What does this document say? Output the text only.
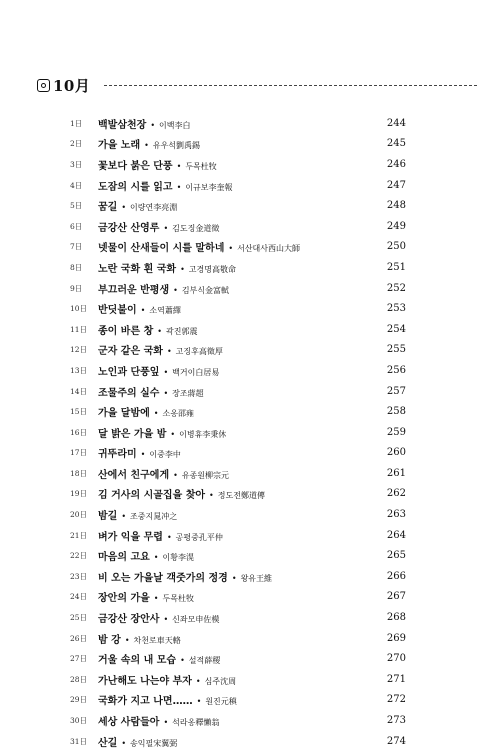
10月
1日	백발삼천장 • 이백李白	244
2日	가을 노래 • 유우석劉禹錫	245
3日	꽃보다 붉은 단풍 • 두목杜牧	246
4日	도잠의 시를 읽고 • 이규보李奎報	247
5日	꿈길 • 이량연李亮淵	248
6日	금강산 산영루 • 김도징金道徵	249
7日	넷물이 산새들이 시를 말하네 • 서산대사西山大師	250
8日	노란 국화 흰 국화 • 고경명高敬命	251
9日	부끄러운 반평생 • 김부식金富軾	252
10日	반딧불이 • 소역蕭繹	253
11日	종이 바른 창 • 곽진郭震	254
12日	군자 같은 국화 • 고징후高徵厚	255
13日	노인과 단풍잎 • 백거이白居易	256
14日	조물주의 실수 • 장조蔣超	257
15日	가을 달밤에 • 소옹邵雍	258
16日	달 밝은 가을 밤 • 이병휴李秉休	259
17日	귀뚜라미 • 이중李中	260
18日	산에서 친구에게 • 유종원柳宗元	261
19日	김 거사의 시골집을 찾아 • 정도전鄭道傳	262
20日	밤길 • 조중지晁冲之	263
21日	벼가 익을 무렵 • 공평중孔平仲	264
22日	마음의 고요 • 이황李滉	265
23日	비 오는 가을날 객줏가의 정경 • 왕유王維	266
24日	장안의 가을 • 두목杜牧	267
25日	금강산 장안사 • 신좌모申佐模	268
26日	밤 강 • 차천로車天輅	269
27日	거울 속의 내 모습 • 설적薛稷	270
28日	가난해도 나는야 부자 • 심주沈周	271
29日	국화가 지고 나면…… • 원진元稹	272
30日	세상 사람들아 • 석라옹釋懶翁	273
31日	산길 • 송익필宋翼弼	274
